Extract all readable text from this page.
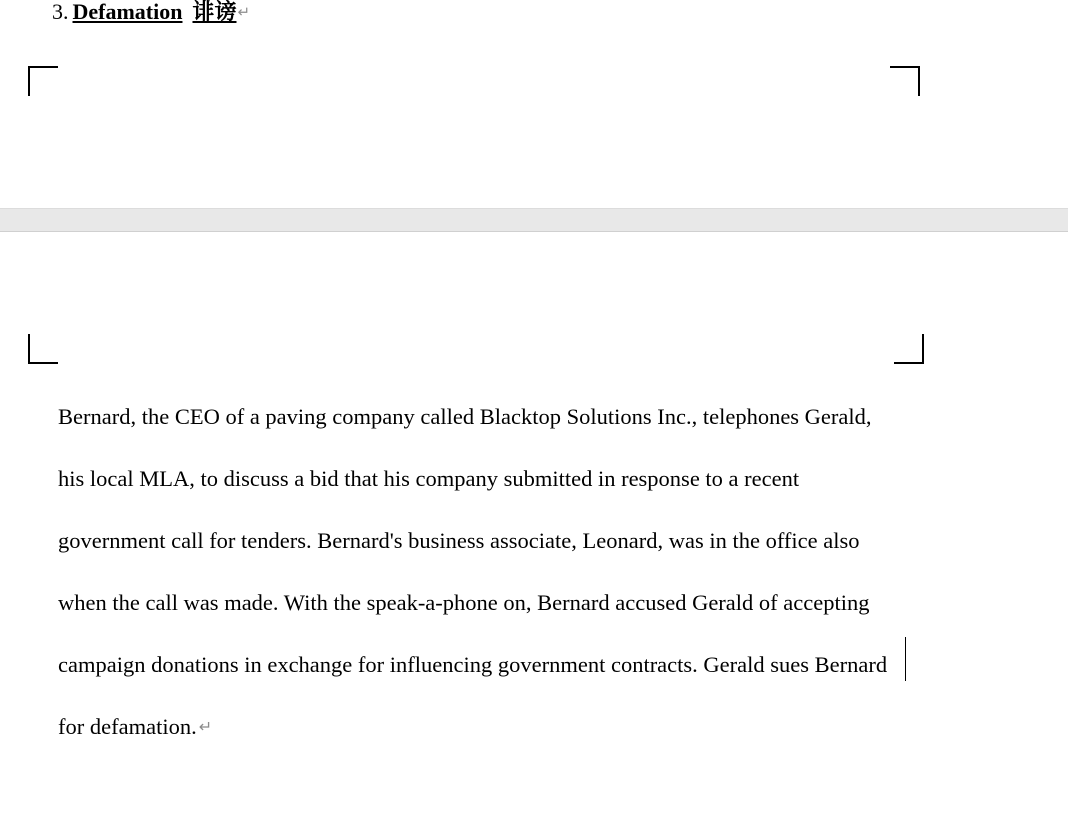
3. Defamation 诽谤↵

Bernard, the CEO of a paving company called Blacktop Solutions Inc., telephones Gerald, his local MLA, to discuss a bid that his company submitted in response to a recent government call for tenders. Bernard's business associate, Leonard, was in the office also when the call was made. With the speak-a-phone on, Bernard accused Gerald of accepting campaign donations in exchange for influencing government contracts. Gerald sues Bernard for defamation. ↵
